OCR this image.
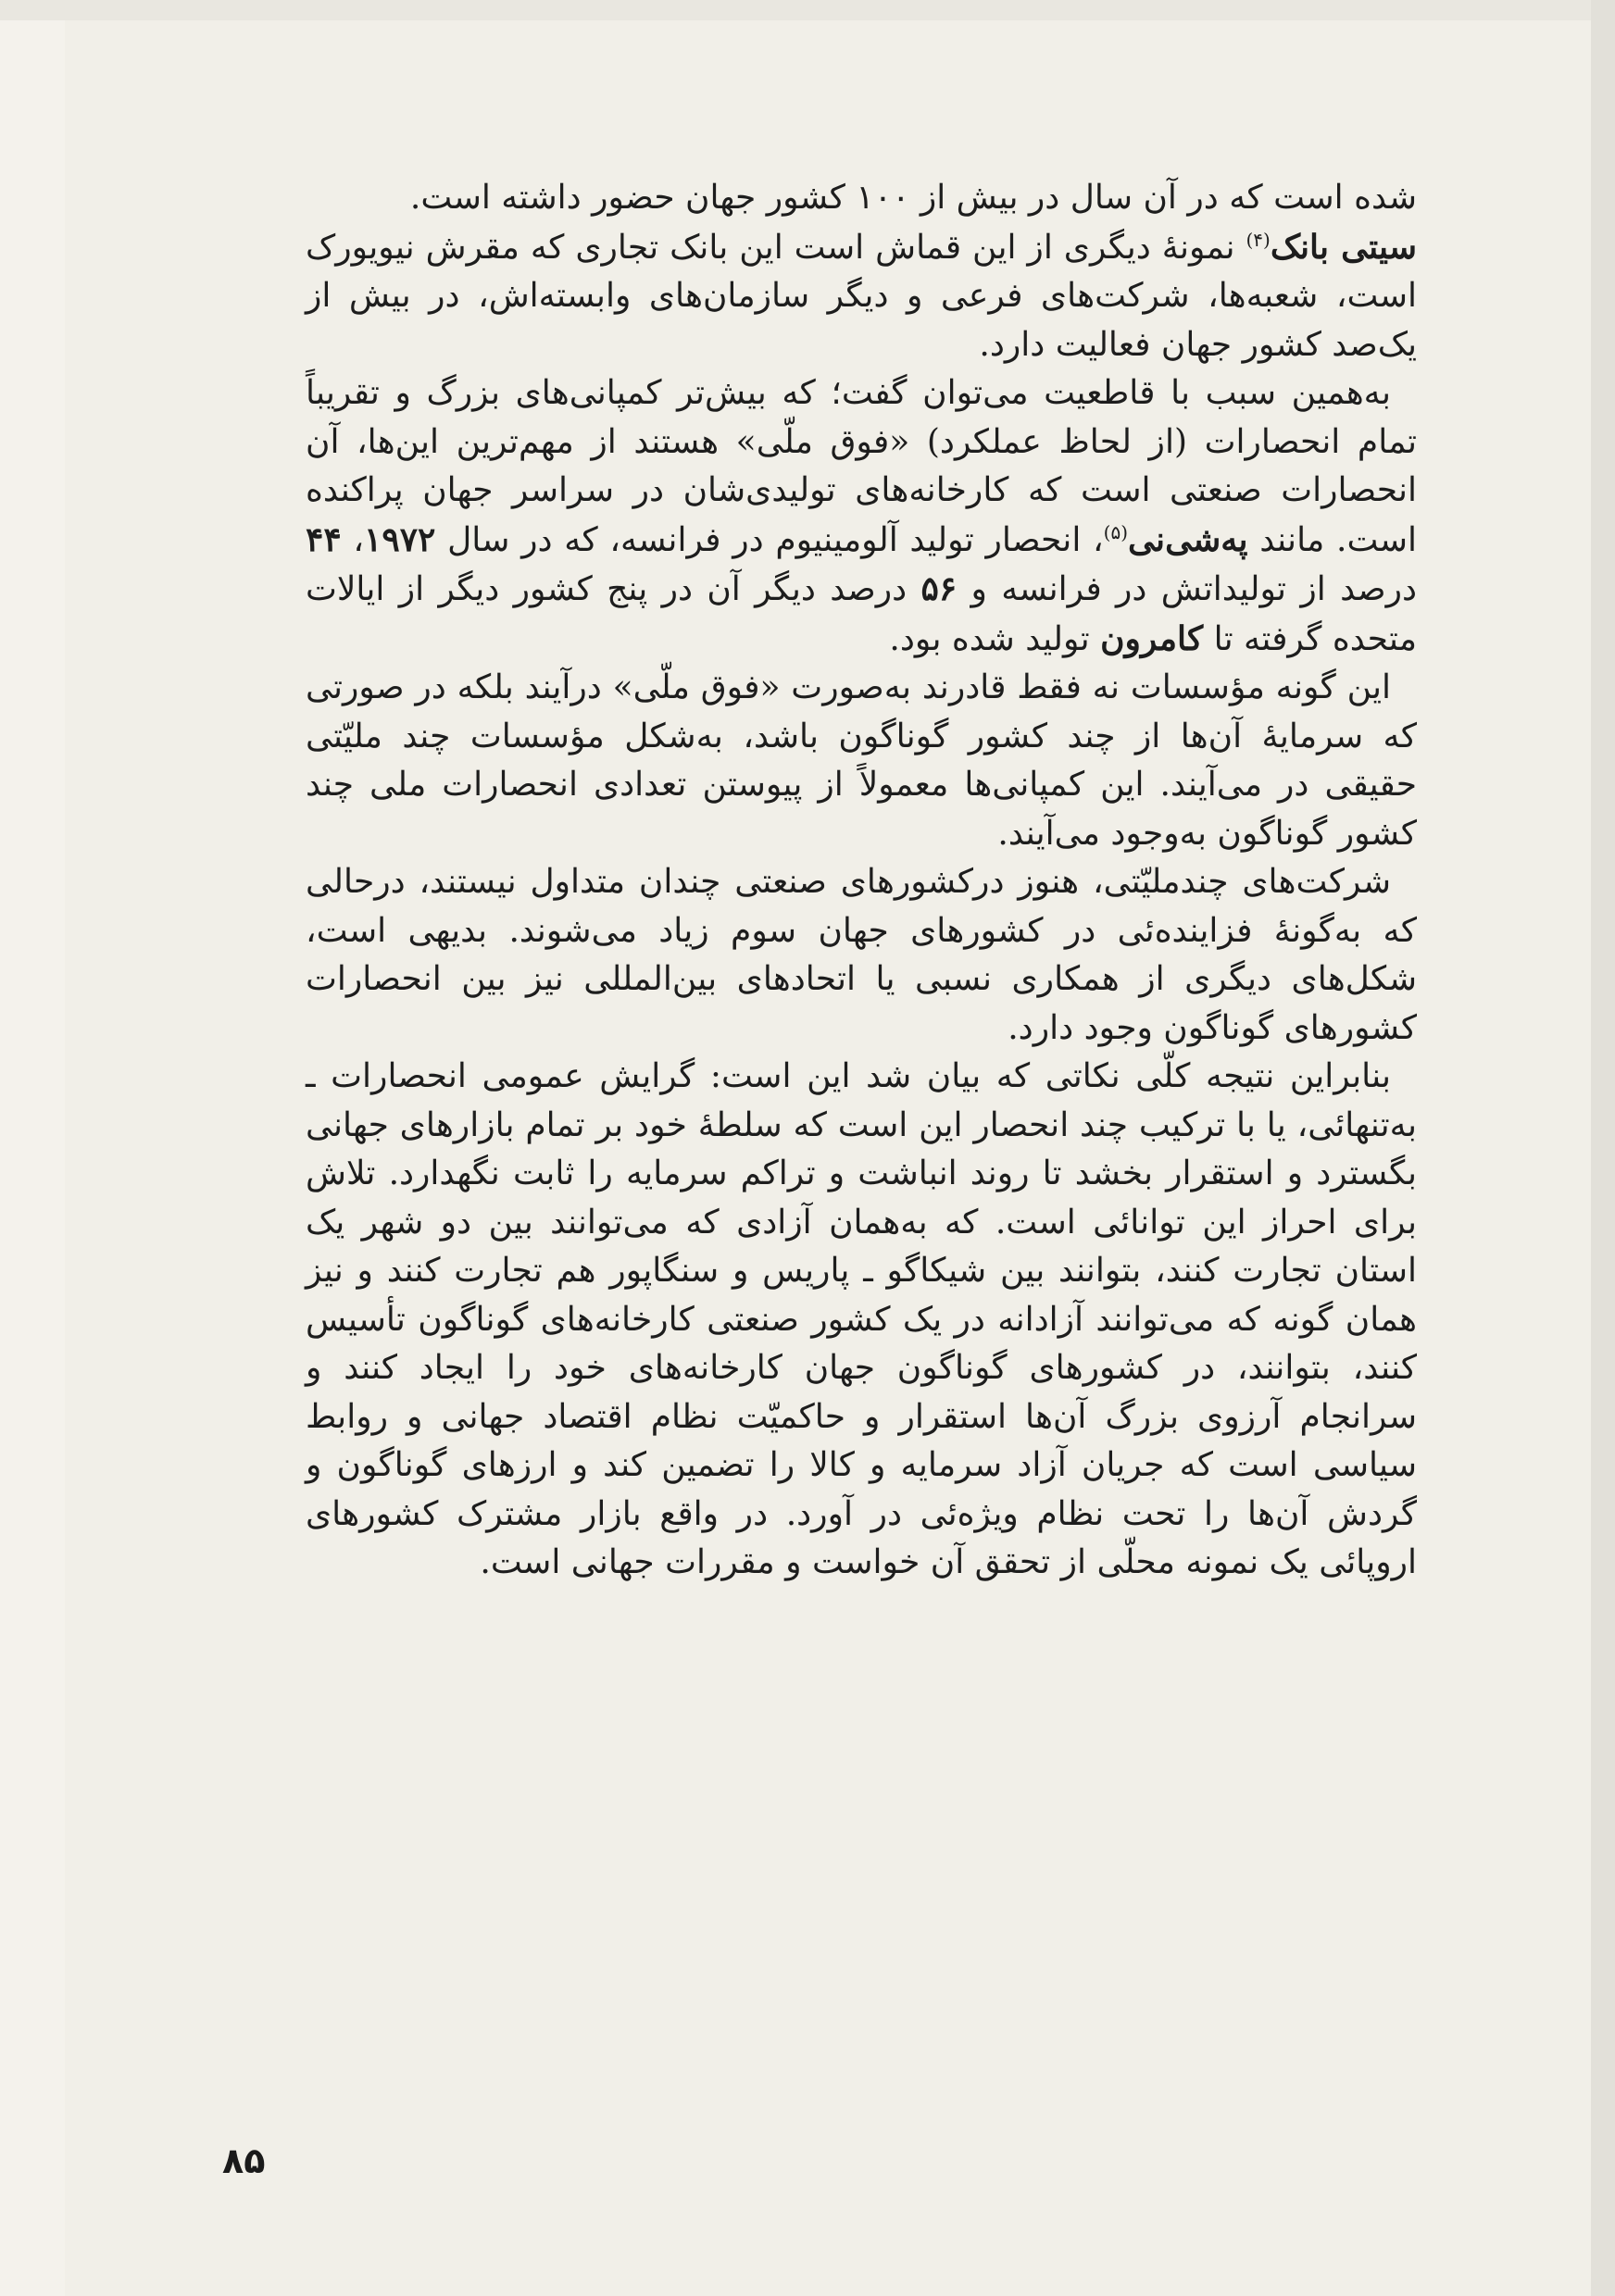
شده است که در آن سال در بیش از ۱۰۰ کشور جهان حضور داشته است.

سیتی بانک$^{(۴)}$ نمونهٔ دیگری از این قماش است این بانک تجاری که مقرش نیویورک است، شعبه‌ها، شرکت‌های فرعی و دیگر سازمان‌های وابسته‌اش، در بیش از یک‌صد کشور جهان فعالیت دارد.

به‌همین سبب با قاطعیت می‌توان گفت؛ که بیش‌تر کمپانی‌های بزرگ و تقریباً تمام انحصارات (از لحاظ عملکرد) «فوق ملّی» هستند از مهم‌ترین این‌ها، آن انحصارات صنعتی است که کارخانه‌های تولیدی‌شان در سراسر جهان پراکنده است. مانند په‌شی‌نی$^{(۵)}$، انحصار تولید آلومینیوم در فرانسه، که در سال ۱۹۷۲، ۴۴ درصد از تولیداتش در فرانسه و ۵۶ درصد دیگر آن در پنج کشور دیگر از ایالات متحده گرفته تا کامرون تولید شده بود.

این گونه مؤسسات نه فقط قادرند به‌صورت «فوق ملّی» درآیند بلکه در صورتی که سرمایهٔ آن‌ها از چند کشور گوناگون باشد، به‌شکل مؤسسات چند ملیّتی حقیقی در می‌آیند. این کمپانی‌ها معمولاً از پیوستن تعدادی انحصارات ملی چند کشور گوناگون به‌وجود می‌آیند.

شرکت‌های چندملیّتی، هنوز درکشورهای صنعتی چندان متداول نیستند، درحالی که به‌گونهٔ فزاینده‌ئی در کشورهای جهان سوم زیاد می‌شوند. بدیهی است، شکل‌های دیگری از همکاری نسبی یا اتحادهای بین‌المللی نیز بین انحصارات کشورهای گوناگون وجود دارد.

بنابراین نتیجه کلّی نکاتی که بیان شد این است: گرایش عمومی انحصارات ـ به‌تنهائی، یا با ترکیب چند انحصار این است که سلطهٔ خود بر تمام بازارهای جهانی بگسترد و استقرار بخشد تا روند انباشت و تراکم سرمایه را ثابت نگهدارد. تلاش برای احراز این توانائی است. که به‌همان آزادی که می‌توانند بین دو شهر یک استان تجارت کنند، بتوانند بین شیکاگو ـ پاریس و سنگاپور هم تجارت کنند و نیز همان گونه که می‌توانند آزادانه در یک کشور صنعتی کارخانه‌های گوناگون تأسیس کنند، بتوانند، در کشورهای گوناگون جهان کارخانه‌های خود را ایجاد کنند و سرانجام آرزوی بزرگ آن‌ها استقرار و حاکمیّت نظام اقتصاد جهانی و روابط سیاسی است که جریان آزاد سرمایه و کالا را تضمین کند و ارزهای گوناگون و گردش آن‌ها را تحت نظام ویژه‌ئی در آورد. در واقع بازار مشترک کشورهای اروپائی یک نمونه محلّی از تحقق آن خواست و مقررات جهانی است.

۸۵
